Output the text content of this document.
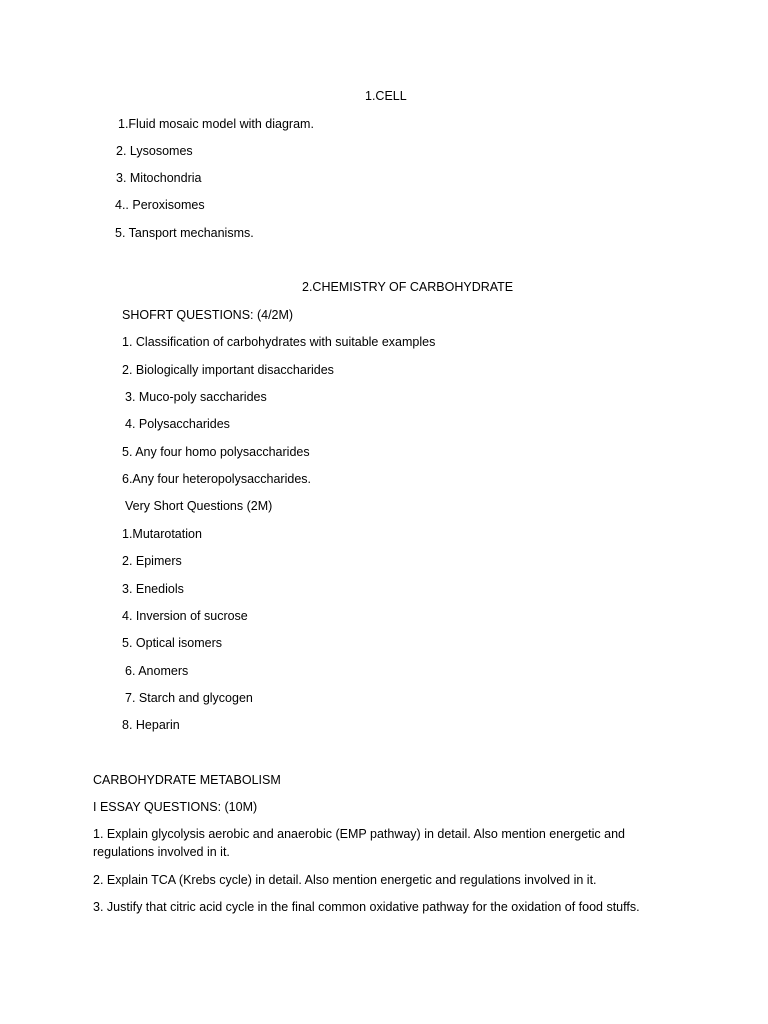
1.CELL
1.Fluid mosaic model with diagram.
2. Lysosomes
3. Mitochondria
4.. Peroxisomes
5. Tansport mechanisms.
2.CHEMISTRY OF CARBOHYDRATE
SHOFRT QUESTIONS: (4/2M)
1. Classification of carbohydrates with suitable examples
2. Biologically important disaccharides
3. Muco-poly saccharides
4. Polysaccharides
5. Any four homo polysaccharides
6.Any four heteropolysaccharides.
Very Short Questions (2M)
1.Mutarotation
2. Epimers
3. Enediols
4. Inversion of sucrose
5. Optical isomers
6. Anomers
7. Starch and glycogen
8. Heparin
CARBOHYDRATE METABOLISM
I ESSAY QUESTIONS: (10M)
1. Explain glycolysis aerobic and anaerobic (EMP pathway) in detail. Also mention energetic and regulations involved in it.
2. Explain TCA (Krebs cycle) in detail. Also mention energetic and regulations involved in it.
3. Justify that citric acid cycle in the final common oxidative pathway for the oxidation of food stuffs.
